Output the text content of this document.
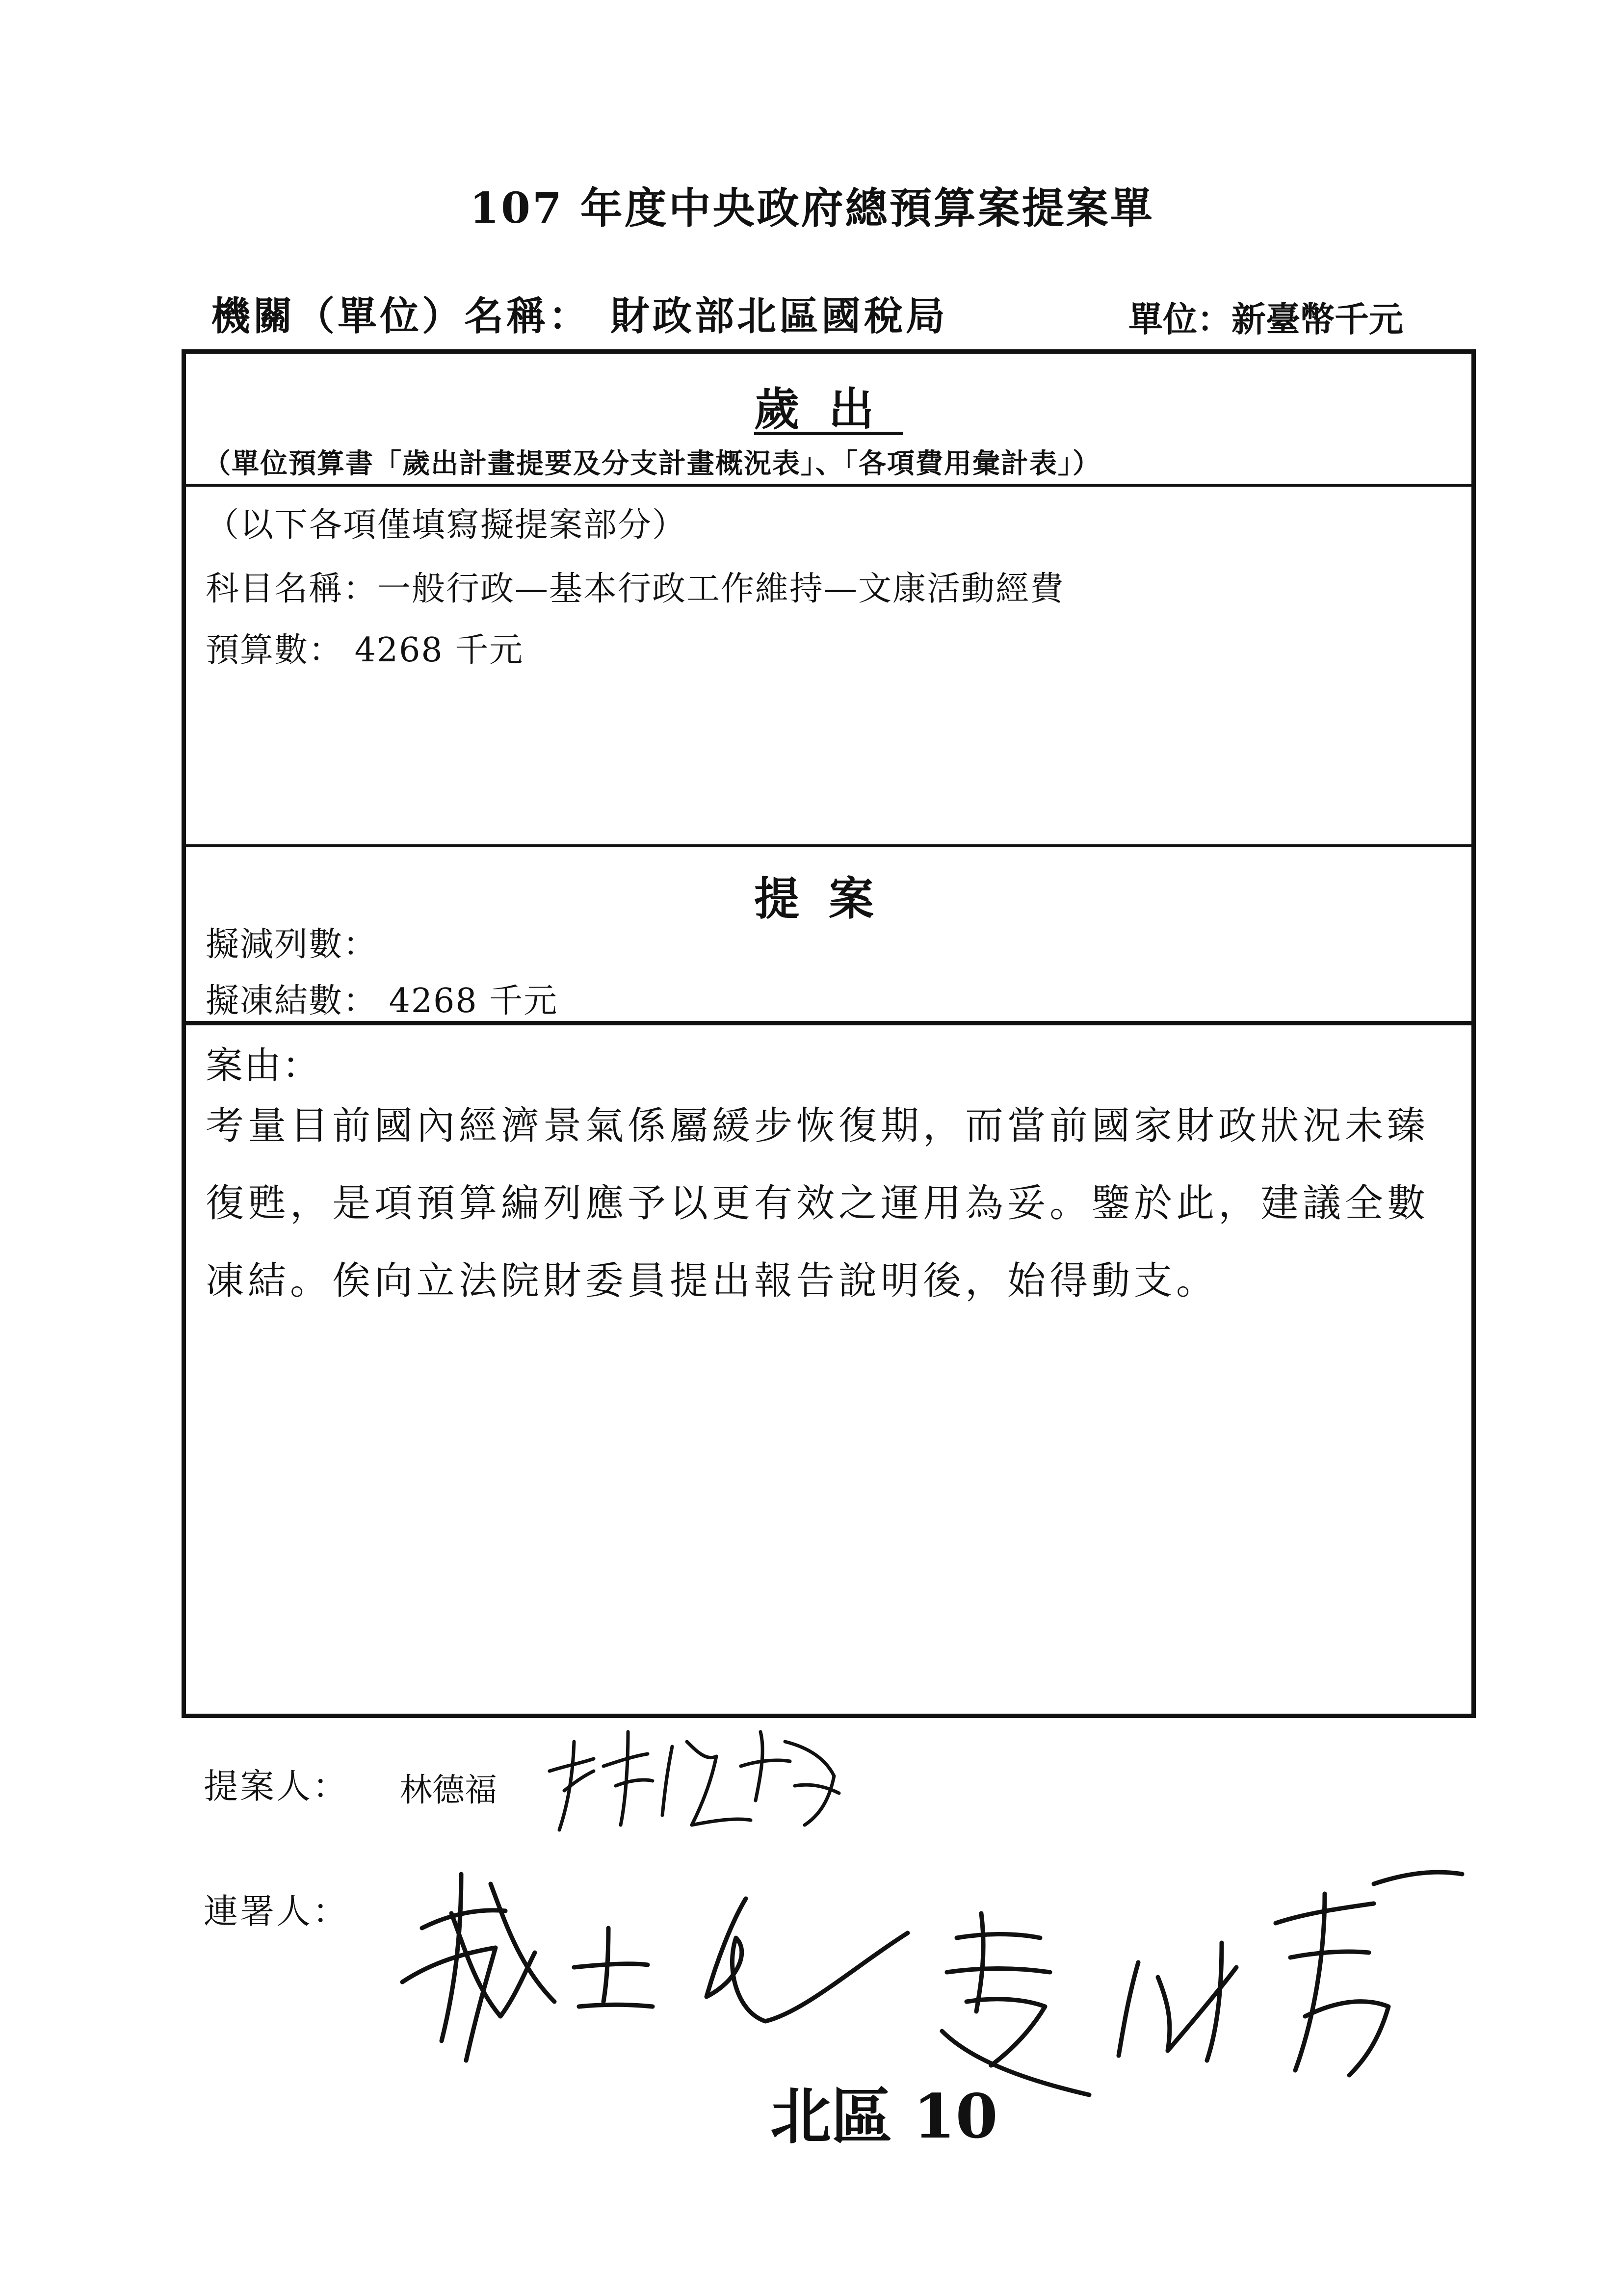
107 年度中央政府總預算案提案單
機關（單位）名稱： 財政部北區國稅局	單位：新臺幣千元
歲出
（單位預算書「歲出計畫提要及分支計畫概況表」、「各項費用彙計表」）
（以下各項僅填寫擬提案部分）
科目名稱：一般行政—基本行政工作維持—文康活動經費
預算數： 4268 千元
提案
擬減列數：
擬凍結數： 4268 千元
案由：
考量目前國內經濟景氣係屬緩步恢復期，而當前國家財政狀況未臻復甦，是項預算編列應予以更有效之運用為妥。鑒於此，建議全數凍結。俟向立法院財委員提出報告說明後，始得動支。
提案人： 林德福
連署人：
北區 10
